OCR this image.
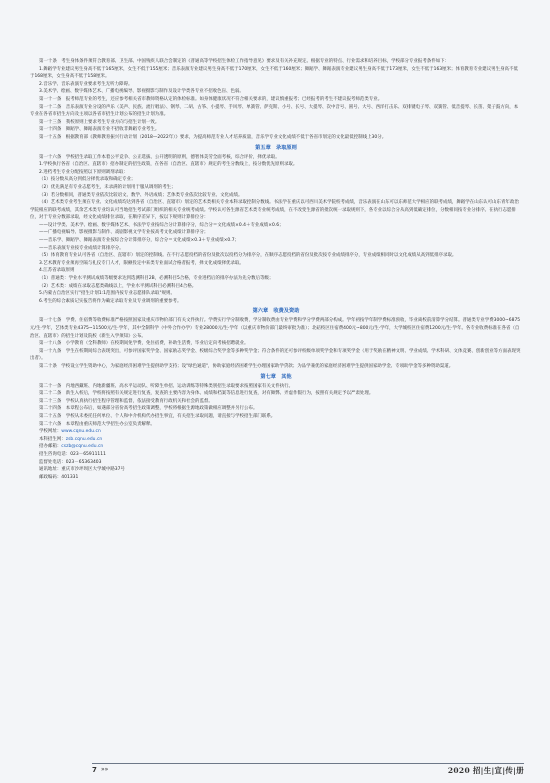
第一十条　考生身体条件须符合教育部、卫生部、中国残疾人联合会制定的《普通高等学校招生体检工作指导意见》要求及有关补充规定。根据专业的特点、行业需求和培养目标，学校部分专业报考条件如下：

1.舞蹈学专业建议男生身高不低于165厘米，女生不低于155厘米；音乐表演专业建议男生身高不低于170厘米，女生不低于160厘米；舞蹈学、舞蹈表演专业建议男生身高不低于173厘米，女生不低于163厘米；体育教育专业建议男生身高不低于168厘米，女生身高不低于158厘米。

2.音乐学、音乐表演专业要求考生无听力障碍。

3.美术学、绘画、数字媒体艺术、广播电视编导、影视摄影与制作及设计学类各专业不招收色盲、色弱。

第一十一条　报考师范专业的考生，还应参考相关省市教师资格认定的体检标准。如身体健康状况不符合相关要求的，建议慎重报考；已经报考的考生不建议报考师范类专业。

第一十二条　音乐表演专业分设的声乐（美声、民族、流行唱法）、钢琴、二胡、古筝、小提琴、手风琴、单簧管、萨克斯、小号、长号、大提琴、次中音号、圆号、大号、西洋打击乐、双排键电子琴、双簧管、低音提琴、长笛、架子鼓方向，本专业在各省市招生方向及主项以各省市招生计划公布的招生计划为准。

第一十三条　我校原则上要求考生专业方向与招生计划一致。

第一十四条　舞蹈学、舞蹈表演专业不招收非舞蹈专业考生。

第一十五条　根据教育部《教师教育振兴行动计划（2018—2022年）》要求，为提高师范专业人才培养质量，音乐学专业文化成绩不低于各省市划定的文化最低控制线上30分。

第五章　录取原则

第一十六条　学校招生录取工作本着公平竞争、公正选拔、公开透明的原则，德智体美劳全面考核，综合评价，择优录取。

1.学校执行各省（自治区、直辖市）招办制定的招生政策，在各省（自治区、直辖市）规定的考生分数线上，按分数优先原则录取。

2.进档考生专业分配按照以下原则调剂录取：

（1）按分数从高分到低分择优录取和确定专业；

（2）优先满足有专业志愿考生，未录满的计划用于服从调剂的考生；

（3）若分数相同，普通类专业依次比较语文、数学、外语成绩；艺体类专业依次比较专业、文化成绩。

（4）艺术类专业考生须在专业、文化成绩均达到各省（自治区、直辖市）划定的艺术类相关专业本科录取控制分数线。书法学在重庆以可西川美术学院校考成绩，音乐表演在山东可以东师范大学相应的联考成绩，舞蹈学在山东认可山东青年政治学院相应的联考成绩，其余艺术类专业均认可当地招生考试部门组织的相关专业统考成绩。学校认可各生源省艺术类专业统考成绩，在不改变生源省的批次统一录取规则下，各专业以综合分从高到低确定排位，分数相同按专业分排序。在执行志愿排位，对于专业分数部录取，经文化成绩排位录取，在顺序差异下，按以下规则计算排位分：

——设计学类、美术学、绘画、数字媒体艺术、书法学专业按综合分计算排序分，综合分＝文化成绩×0.4＋专业成绩×0.6；

——广播电视编导、影视摄影与制作、戏剧影视文学专业按高考文化成绩计算排序分；

——音乐学、舞蹈学、舞蹈表演专业按综合分计算排序分，综合分＝文化成绩×0.3＋专业成绩×0.7；

——音乐表演专业按专业成绩计算排序分。

（5）体育教育专业认可各省（自治区、直辖市）划定的控制线。在不行志愿投档的省份及批次以投档分为排序分，在顺序志愿投档的省份及批次按专业成绩排序分，专业成绩相同时以文化成绩从高到低排序录取。

3.艺术教育专业须再空隔与礼仪专门人才，限额投定中来类专业面试合格者报考，择文化成绩择优录取。

4.江苏省录取原则

（1）普通类：学业水平测试成绩等级要求达到选测科目2B，必测科目5合格，专业进档后的排序办法为先分数后等级；

（2）艺术类：成绩在录取志愿类确线以上，学业水平测试科目必测科目4合格。

5.内蒙古自治区实行"招生计划1:1范围内按专业志愿排队录取"规则。

6.考生的综合素质记实报告将作为确定录取专业及专业调剂的重要参考。

第六章　收费及资助

第一十七条　学费、住宿费等收费标准严格按照国家及重庆市物价部门有关文件执行。学费实行学分制收费，学分制收费由专业学费和学分学费两部分构成。学年初按学年制学费标准预收，毕业离校前清算学分结算。普通类专业学费3000~6875元/生·学年，艺体类专业4375~11500元/生·学年，其中全制科学（中外合作办学）专业28000元/生·学年（以重庆市物价部门最终审批为准）；北碚校区住宿费400元~800元/生·学年，大学城校区住宿费1200元/生·学年。各专业收费标准在各省（自治区、直辖市）的招生计划及院校《新生入学须知》公布。

第一十八条　小学教育（全科教师）在校期间免学费，免住宿费，补助生活费，毕业后定向考核招聘就业。

第一十九条　学生在校期间综合表现突出，可参评国家奖学金、国家励志奖学金、校级综合奖学金等多种奖学金；符合条件的还可参评校级单项奖学金和专项奖学金（用于奖励在精神文明、学业成绩、学术科研、文体竞赛、创新创业等方面表现突出者）。

第二十条　学校设立学生资助中心，为家庭经济困难学生提供助学支持；设"绿色通道"，协助家庭经济困难学生办理国家助学贷款；为品学兼优的家庭经济困难学生提供国家助学金、专项助学金等多种资助渠道。

第七章　其他

第二十一条　内地西藏班、内地新疆班、高水平运动队、听障生单招、运动训练等特殊类别招生录取要求按照国家有关文件执行。

第二十二条　新生入校后，学校将按照有关规定进行复查，复查的主要内容为身体、成绩和档案等信息进行复查，对有舞弊、弄虚作假行为，按照有关规定予以严肃处理。

第二十三条　学校认真执行招生程序管理和监督，依法接受教育行政机关和社会的监督。

第二十四条　本章程公布后，如遇部分省份高考招生政策调整，学校将根据生源地政策做相应调整并另行公布。

第二十五条　学校从未委托任何单位、个人和中介机构代办招生事宜，有关招生录取问题，请直接与学校招生部门联系。

第二十六条　本章程由重庆师范大学招生办公室负责解释。

学校网址：www.cqnu.edu.cn

本科招生网：zsb.cqnu.edu.cn

招办邮箱：cszb@cqnu.edu.cn

招生咨询电话：023－65911111

监督处电话：023－65363403

通讯地址：重庆市沙坪坝区大学城中路37号

邮政编码：401331

7 »»	2020 招|生|宣|传|册
